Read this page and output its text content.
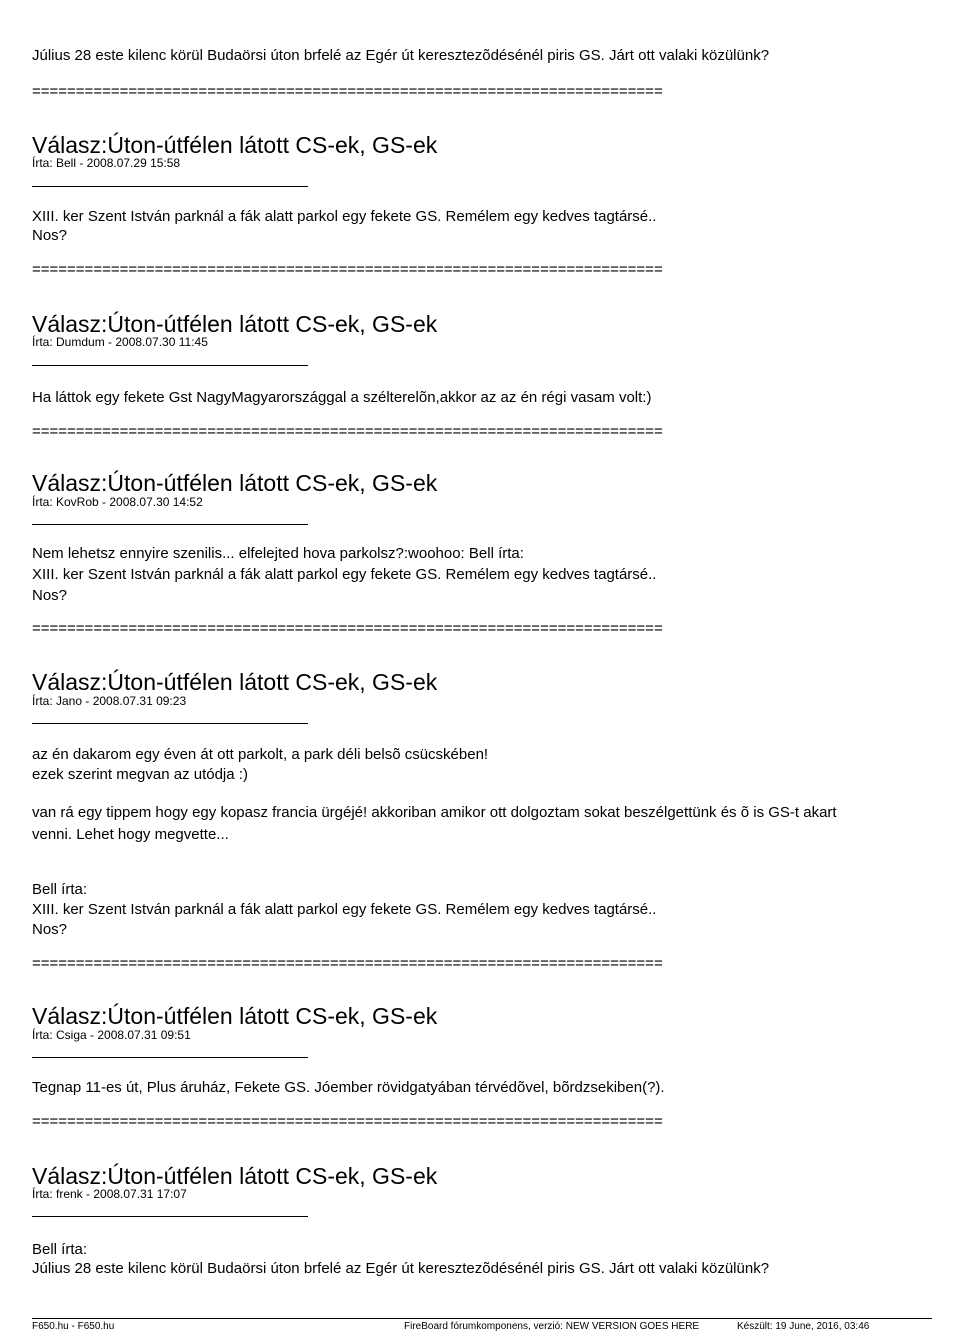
Július 28 este kilenc körül Budaörsi úton brfelé az Egér út keresztezõdésénél piris GS. Járt ott valaki közülünk?
========================================================================
Válasz:Úton-útfélen látott CS-ek, GS-ek
Írta: Bell - 2008.07.29 15:58
XIII. ker Szent István parknál a fák alatt parkol egy fekete GS. Remélem egy kedves tagtársé..
Nos?
========================================================================
Válasz:Úton-útfélen látott CS-ek, GS-ek
Írta: Dumdum - 2008.07.30 11:45
Ha láttok egy fekete Gst NagyMagyarországgal a szélterelõn,akkor az az én régi vasam volt:)
========================================================================
Válasz:Úton-útfélen látott CS-ek, GS-ek
Írta: KovRob - 2008.07.30 14:52
Nem lehetsz ennyire szenilis... elfelejted hova parkolsz?:woohoo: Bell írta:
XIII. ker Szent István parknál a fák alatt parkol egy fekete GS. Remélem egy kedves tagtársé..
Nos?
========================================================================
Válasz:Úton-útfélen látott CS-ek, GS-ek
Írta: Jano - 2008.07.31 09:23
az én dakarom egy éven át ott parkolt, a park déli belsõ csücskében!
ezek szerint megvan az utódja :)
van rá egy tippem hogy egy kopasz francia ürgéjé! akkoriban amikor ott dolgoztam sokat beszélgettünk és õ is GS-t akart
venni. Lehet hogy megvette...
Bell írta:
XIII. ker Szent István parknál a fák alatt parkol egy fekete GS. Remélem egy kedves tagtársé..
Nos?
========================================================================
Válasz:Úton-útfélen látott CS-ek, GS-ek
Írta: Csiga - 2008.07.31 09:51
Tegnap 11-es út, Plus áruház, Fekete GS. Jóember rövidgatyában térvédõvel, bõrdzsekiben(?).
========================================================================
Válasz:Úton-útfélen látott CS-ek, GS-ek
Írta: frenk - 2008.07.31 17:07
Bell írta:
Július 28 este kilenc körül Budaörsi úton brfelé az Egér út keresztezõdésénél piris GS. Járt ott valaki közülünk?
F650.hu - F650.hu	FireBoard fórumkomponens, verzió: NEW VERSION GOES HERE	Készült: 19 June, 2016, 03:46
